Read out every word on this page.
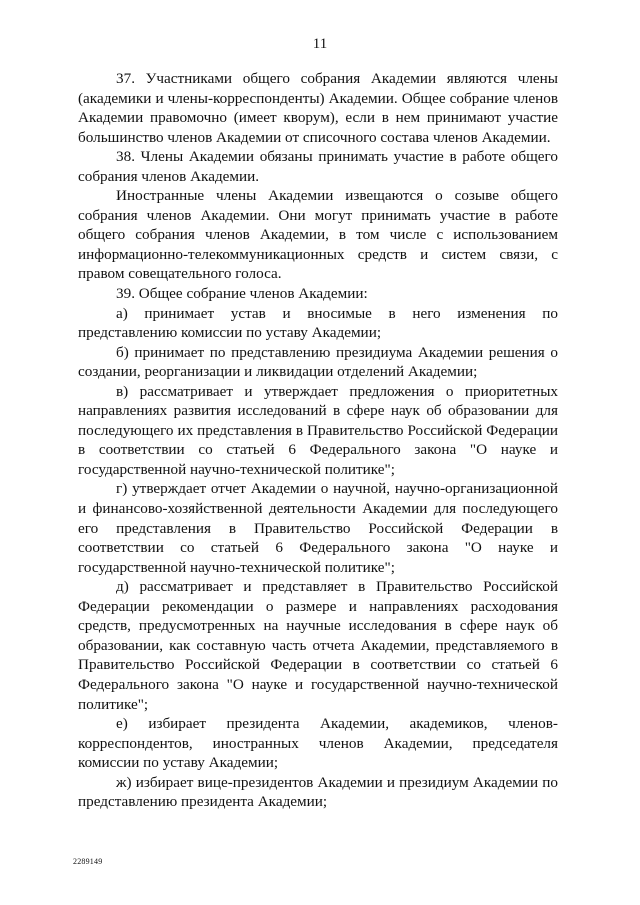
11

37. Участниками общего собрания Академии являются члены (академики и члены-корреспонденты) Академии. Общее собрание членов Академии правомочно (имеет кворум), если в нем принимают участие большинство членов Академии от списочного состава членов Академии.

38. Члены Академии обязаны принимать участие в работе общего собрания членов Академии.

Иностранные члены Академии извещаются о созыве общего собрания членов Академии. Они могут принимать участие в работе общего собрания членов Академии, в том числе с использованием информационно-телекоммуникационных средств и систем связи, с правом совещательного голоса.

39. Общее собрание членов Академии:

а) принимает устав и вносимые в него изменения по представлению комиссии по уставу Академии;

б) принимает по представлению президиума Академии решения о создании, реорганизации и ликвидации отделений Академии;

в) рассматривает и утверждает предложения о приоритетных направлениях развития исследований в сфере наук об образовании для последующего их представления в Правительство Российской Федерации в соответствии со статьей 6 Федерального закона "О науке и государственной научно-технической политике";

г) утверждает отчет Академии о научной, научно-организационной и финансово-хозяйственной деятельности Академии для последующего его представления в Правительство Российской Федерации в соответствии со статьей 6 Федерального закона "О науке и государственной научно-технической политике";

д) рассматривает и представляет в Правительство Российской Федерации рекомендации о размере и направлениях расходования средств, предусмотренных на научные исследования в сфере наук об образовании, как составную часть отчета Академии, представляемого в Правительство Российской Федерации в соответствии со статьей 6 Федерального закона "О науке и государственной научно-технической политике";

е) избирает президента Академии, академиков, членов-корреспондентов, иностранных членов Академии, председателя комиссии по уставу Академии;

ж) избирает вице-президентов Академии и президиум Академии по представлению президента Академии;

2289149
